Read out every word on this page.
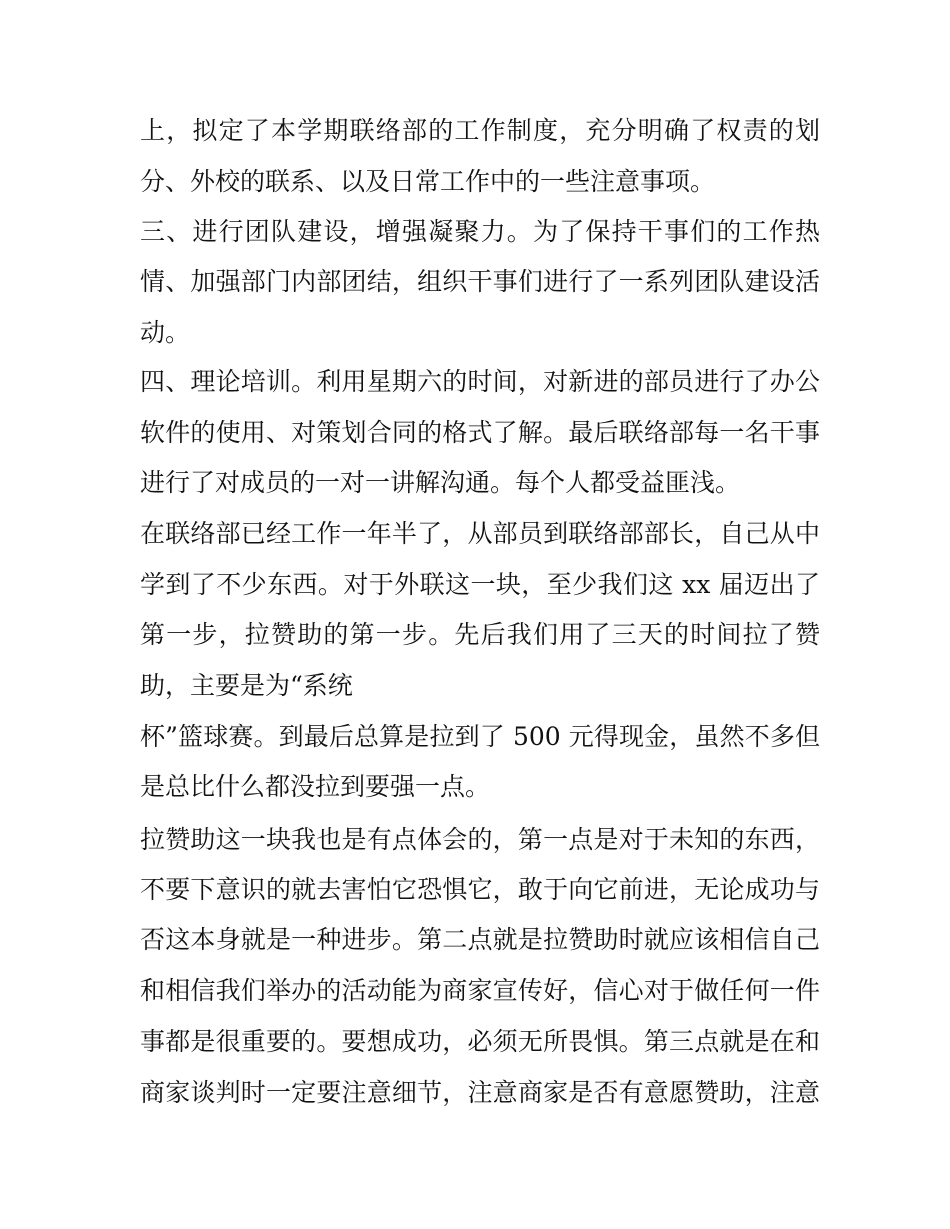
上，拟定了本学期联络部的工作制度，充分明确了权责的划
分、外校的联系、以及日常工作中的一些注意事项。
三、进行团队建设，增强凝聚力。为了保持干事们的工作热
情、加强部门内部团结，组织干事们进行了一系列团队建设活
动。
四、理论培训。利用星期六的时间，对新进的部员进行了办公
软件的使用、对策划合同的格式了解。最后联络部每一名干事
进行了对成员的一对一讲解沟通。每个人都受益匪浅。
在联络部已经工作一年半了，从部员到联络部部长，自己从中
学到了不少东西。对于外联这一块，至少我们这 xx 届迈出了
第一步，拉赞助的第一步。先后我们用了三天的时间拉了赞
助，主要是为“系统
杯”篮球赛。到最后总算是拉到了 500 元得现金，虽然不多但
是总比什么都没拉到要强一点。
拉赞助这一块我也是有点体会的，第一点是对于未知的东西，
不要下意识的就去害怕它恐惧它，敢于向它前进，无论成功与
否这本身就是一种进步。第二点就是拉赞助时就应该相信自己
和相信我们举办的活动能为商家宣传好，信心对于做任何一件
事都是很重要的。要想成功，必须无所畏惧。第三点就是在和
商家谈判时一定要注意细节，注意商家是否有意愿赞助，注意
